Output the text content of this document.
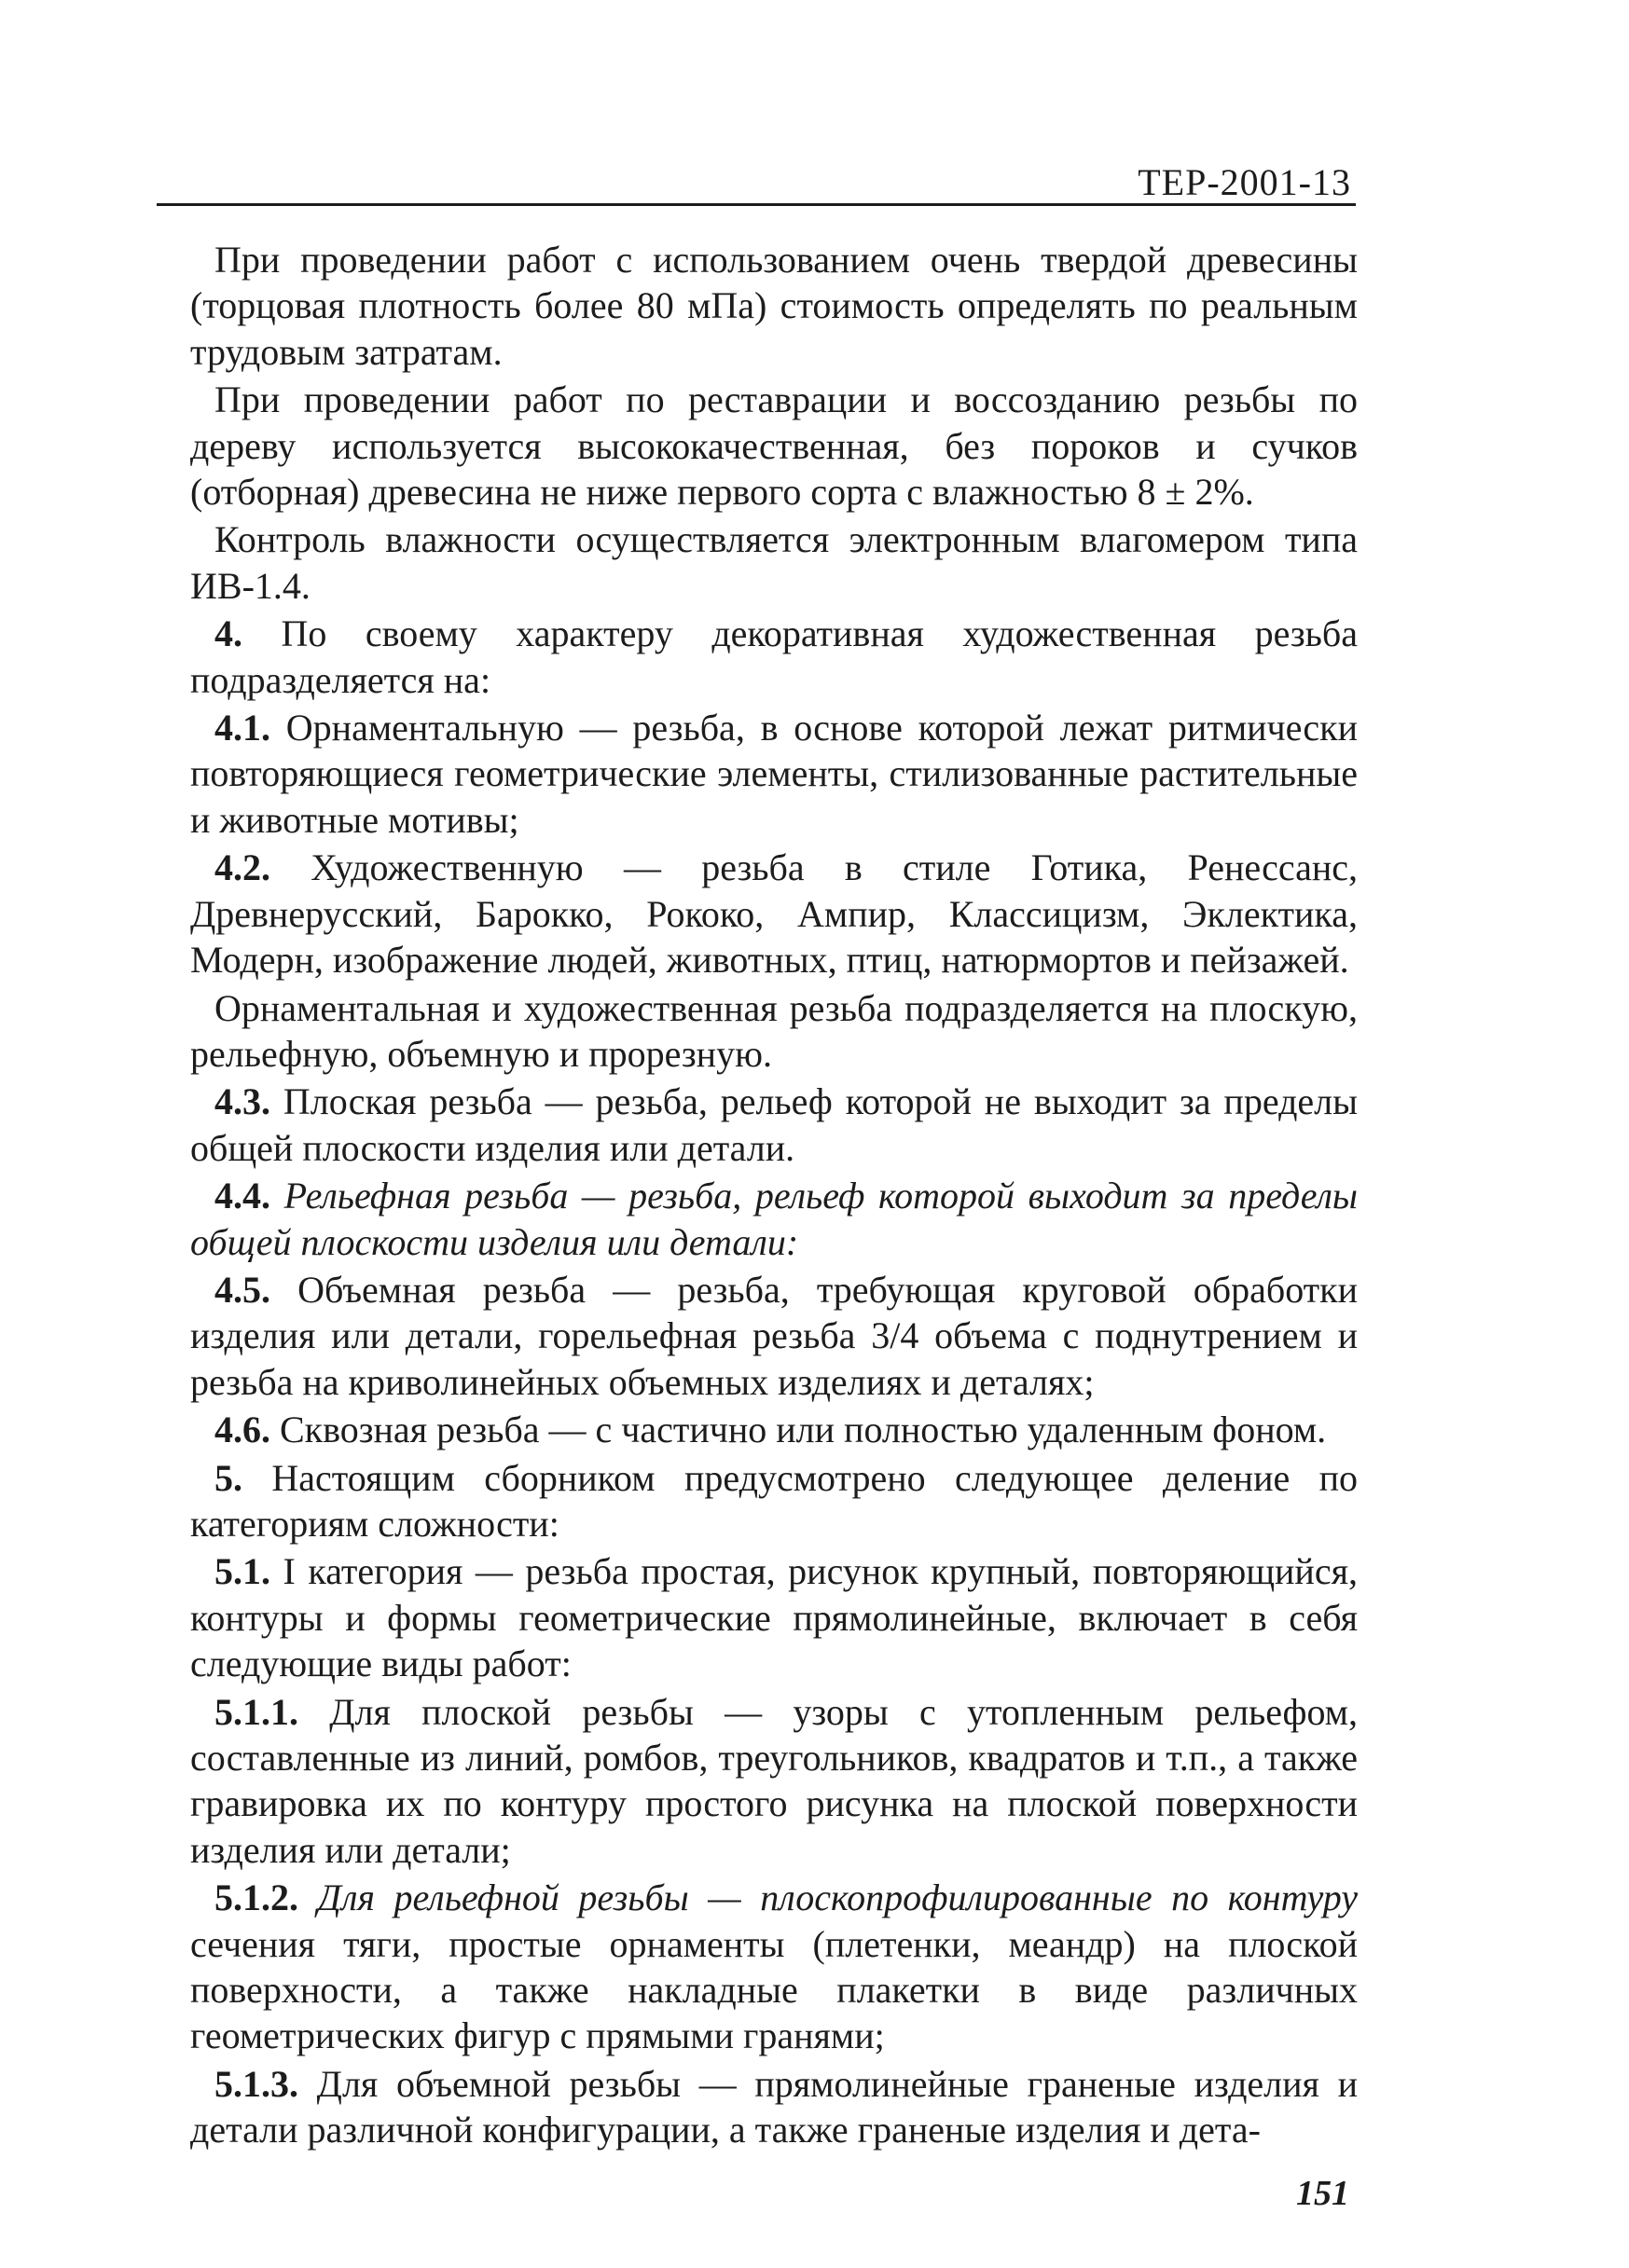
ТЕР-2001-13

При проведении работ с использованием очень твердой древесины (торцовая плотность более 80 мПа) стоимость определять по реальным трудовым затратам.

При проведении работ по реставрации и воссозданию резьбы по дереву используется высококачественная, без пороков и сучков (отборная) древесина не ниже первого сорта с влажностью 8 ± 2%.

Контроль влажности осуществляется электронным влагомером типа ИВ-1.4.

4. По своему характеру декоративная художественная резьба подразделяется на:

4.1. Орнаментальную — резьба, в основе которой лежат ритмически повторяющиеся геометрические элементы, стилизованные растительные и животные мотивы;

4.2. Художественную — резьба в стиле Готика, Ренессанс, Древнерусский, Барокко, Рококо, Ампир, Классицизм, Эклектика, Модерн, изображение людей, животных, птиц, натюрмортов и пейзажей.

Орнаментальная и художественная резьба подразделяется на плоскую, рельефную, объемную и прорезную.

4.3. Плоская резьба — резьба, рельеф которой не выходит за пределы общей плоскости изделия или детали.

4.4. Рельефная резьба — резьба, рельеф которой выходит за пределы общей плоскости изделия или детали:

4.5. Объемная резьба — резьба, требующая круговой обработки изделия или детали, горельефная резьба 3/4 объема с поднутрением и резьба на криволинейных объемных изделиях и деталях;

4.6. Сквозная резьба — с частично или полностью удаленным фоном.

5. Настоящим сборником предусмотрено следующее деление по категориям сложности:

5.1. I категория — резьба простая, рисунок крупный, повторяющийся, контуры и формы геометрические прямолинейные, включает в себя следующие виды работ:

5.1.1. Для плоской резьбы — узоры с утопленным рельефом, составленные из линий, ромбов, треугольников, квадратов и т.п., а также гравировка их по контуру простого рисунка на плоской поверхности изделия или детали;

5.1.2. Для рельефной резьбы — плоскопрофилированные по контуру сечения тяги, простые орнаменты (плетенки, меандр) на плоской поверхности, а также накладные плакетки в виде различных геометрических фигур с прямыми гранями;

5.1.3. Для объемной резьбы — прямолинейные граненые изделия и детали различной конфигурации, а также граненые изделия и дета-

151
